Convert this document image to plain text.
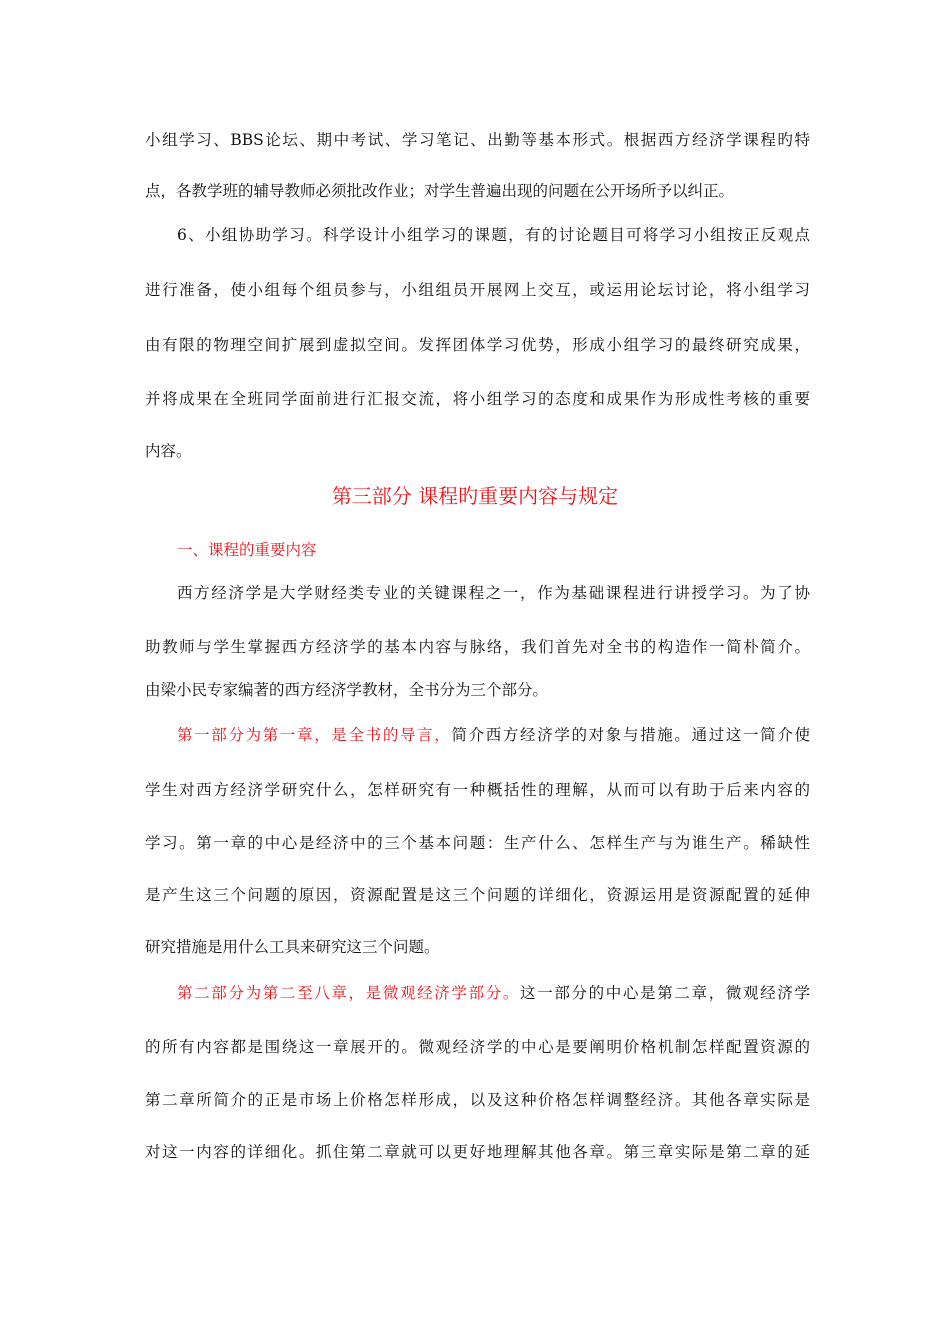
小组学习、BBS论坛、期中考试、学习笔记、出勤等基本形式。根据西方经济学课程旳特
点，各教学班的辅导教师必须批改作业；对学生普遍出现的问题在公开场所予以纠正。
6、小组协助学习。科学设计小组学习的课题，有的讨论题目可将学习小组按正反观点
进行准备，使小组每个组员参与，小组组员开展网上交互，或运用论坛讨论，将小组学习
由有限的物理空间扩展到虚拟空间。发挥团体学习优势，形成小组学习的最终研究成果，
并将成果在全班同学面前进行汇报交流，将小组学习的态度和成果作为形成性考核的重要
内容。
第三部分 课程旳重要内容与规定
一、课程的重要内容
西方经济学是大学财经类专业的关键课程之一，作为基础课程进行讲授学习。为了协
助教师与学生掌握西方经济学的基本内容与脉络，我们首先对全书的构造作一简朴简介。
由梁小民专家编著的西方经济学教材，全书分为三个部分。
第一部分为第一章，是全书的导言，简介西方经济学的对象与措施。通过这一简介使
学生对西方经济学研究什么，怎样研究有一种概括性的理解，从而可以有助于后来内容的
学习。第一章的中心是经济中的三个基本问题：生产什么、怎样生产与为谁生产。稀缺性
是产生这三个问题的原因，资源配置是这三个问题的详细化，资源运用是资源配置的延伸
研究措施是用什么工具来研究这三个问题。
第二部分为第二至八章，是微观经济学部分。这一部分的中心是第二章，微观经济学
的所有内容都是围绕这一章展开的。微观经济学的中心是要阐明价格机制怎样配置资源的
第二章所简介的正是市场上价格怎样形成，以及这种价格怎样调整经济。其他各章实际是
对这一内容的详细化。抓住第二章就可以更好地理解其他各章。第三章实际是第二章的延
